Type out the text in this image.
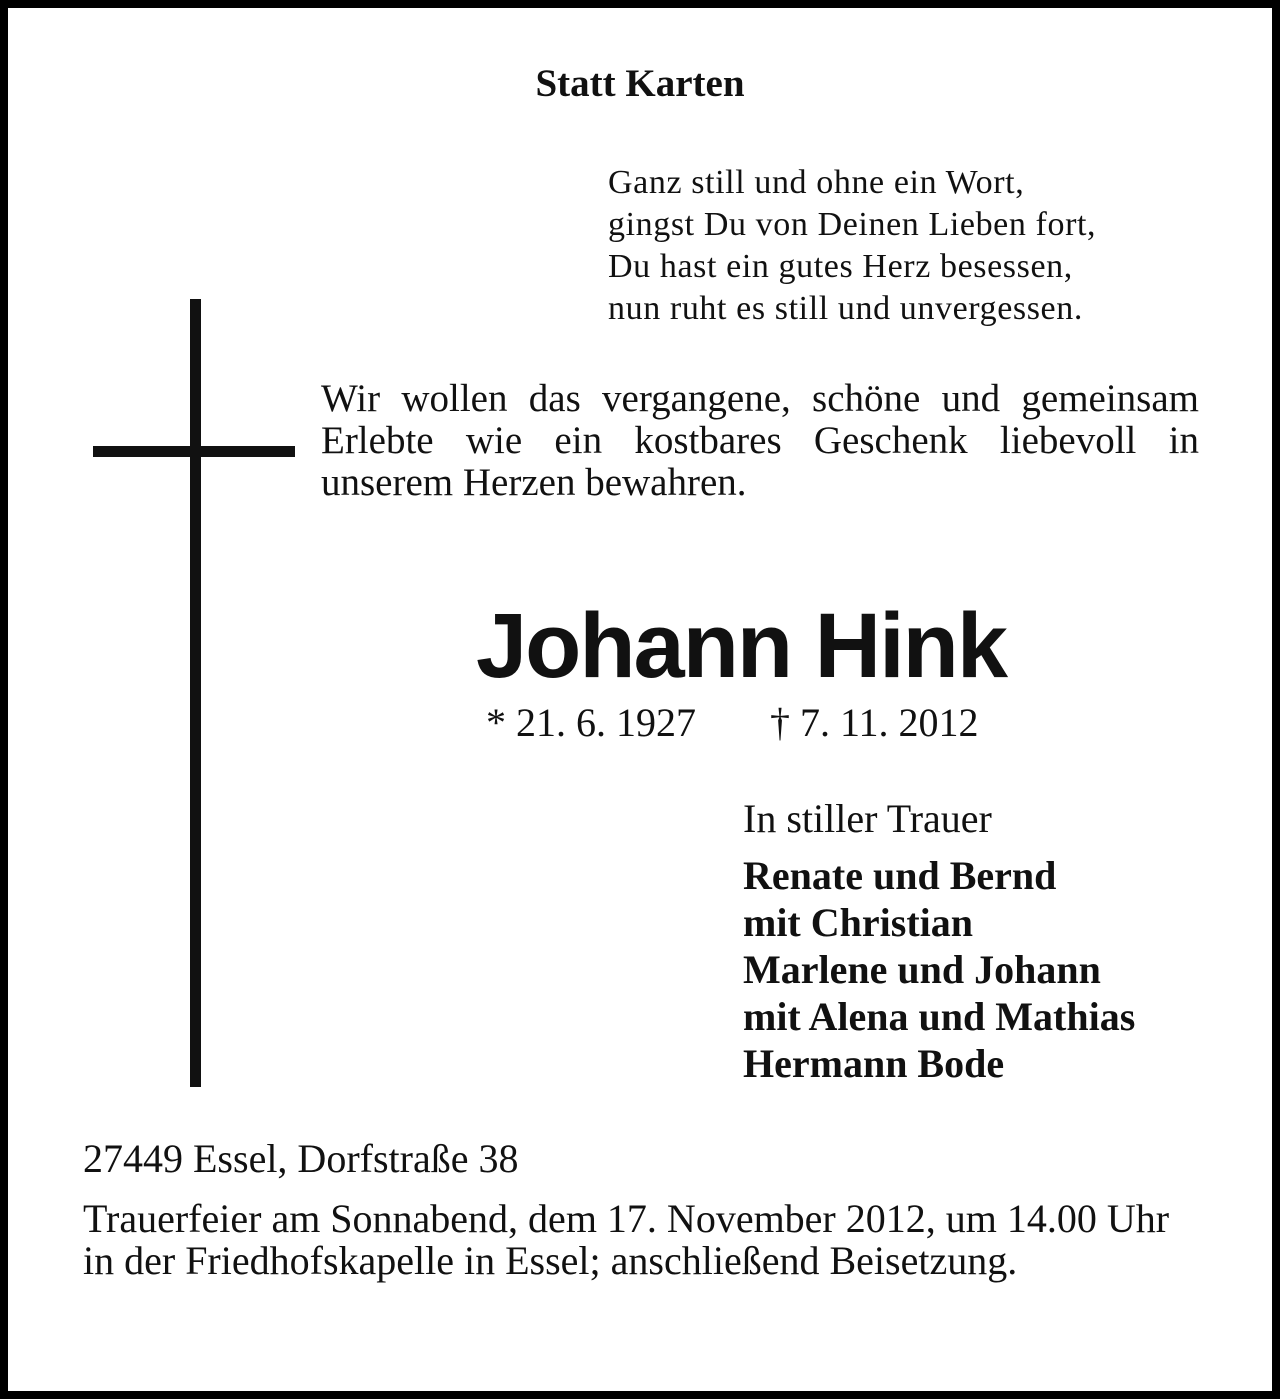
Statt Karten
Ganz still und ohne ein Wort,
gingst Du von Deinen Lieben fort,
Du hast ein gutes Herz besessen,
nun ruht es still und unvergessen.

Wir wollen das vergangene, schöne und gemeinsam Erlebte wie ein kostbares Geschenk liebevoll in unserem Herzen bewahren.

Johann Hink
* 21. 6. 1927 † 7. 11. 2012
In stiller Trauer
Renate und Bernd
mit Christian
Marlene und Johann
mit Alena und Mathias
Hermann Bode
27449 Essel, Dorfstraße 38

Trauerfeier am Sonnabend, dem 17. November 2012, um 14.00 Uhr in der Friedhofskapelle in Essel; anschließend Beisetzung.
